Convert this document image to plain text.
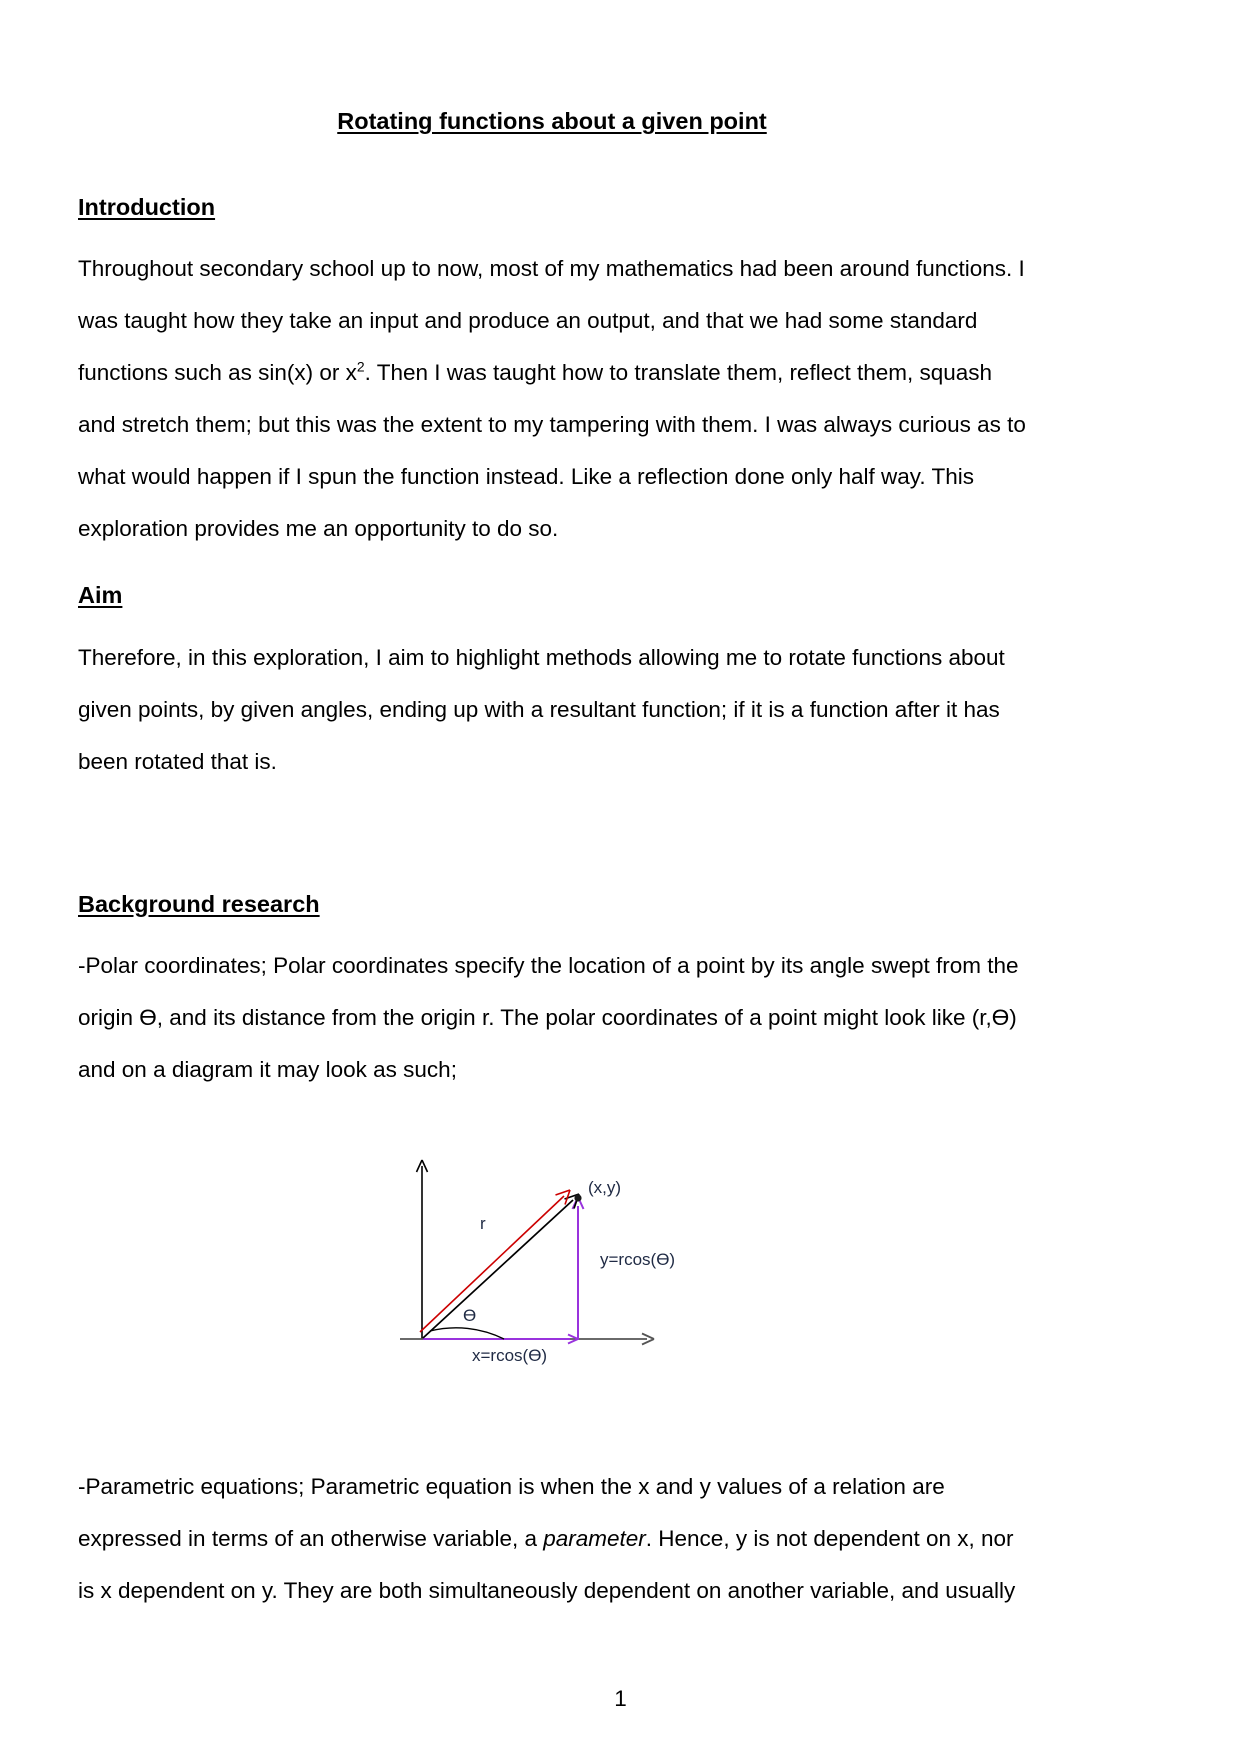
Rotating functions about a given point
Introduction

Throughout secondary school up to now, most of my mathematics had been around functions. I was taught how they take an input and produce an output, and that we had some standard functions such as sin(x) or $x^2$. Then I was taught how to translate them, reflect them, squash and stretch them; but this was the extent to my tampering with them. I was always curious as to what would happen if I spun the function instead. Like a reflection done only half way. This exploration provides me an opportunity to do so.

Aim

Therefore, in this exploration, I aim to highlight methods allowing me to rotate functions about given points, by given angles, ending up with a resultant function; if it is a function after it has been rotated that is.

Background research

-Polar coordinates; Polar coordinates specify the location of a point by its angle swept from the origin Ө, and its distance from the origin r. The polar coordinates of a point might look like (r,Ө) and on a diagram it may look as such;

(x,y)
y=rcos(Ө)
r
Ө
x=rcos(Ө)

-Parametric equations; Parametric equation is when the x and y values of a relation are expressed in terms of an otherwise variable, a parameter. Hence, y is not dependent on x, nor is x dependent on y. They are both simultaneously dependent on another variable, and usually

1
